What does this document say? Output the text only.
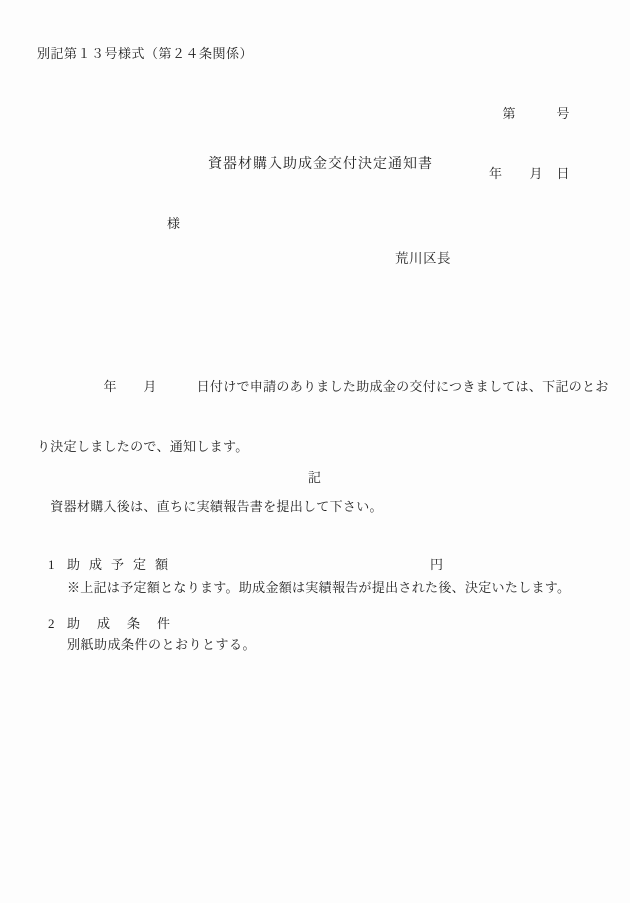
別記第１３号様式（第２４条関係）

第　　　号

年　　月　日

資器材購入助成金交付決定通知書
様
荒川区長

　　　　　年　　月　　　日付けで申請のありました助成金の交付につきましては、下記のとお

り決定しましたので、通知します。

　資器材購入後は、直ちに実績報告書を提出して下さい。

記

1

助成予定額

	円

※上記は予定額となります。助成金額は実績報告が提出された後、決定いたします。

2

助　成　条　件

別紙助成条件のとおりとする。
